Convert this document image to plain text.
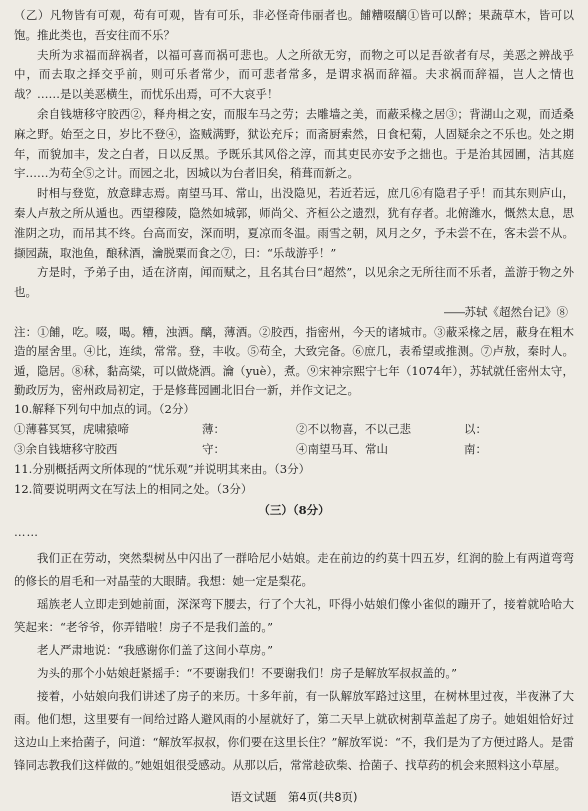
（乙）凡物皆有可观，苟有可观，皆有可乐，非必怪奇伟丽者也。餔糟啜醨①皆可以醉；果蔬草木，皆可以饱。推此类也，吾安往而不乐？

夫所为求福而辞祸者，以福可喜而祸可悲也。人之所欲无穷，而物之可以足吾欲者有尽，美恶之辨战乎中，而去取之择交乎前，则可乐者常少，而可悲者常多，是谓求祸而辞福。夫求祸而辞福，岂人之情也哉？……是以美恶横生，而忧乐出焉，可不大哀乎！

余自钱塘移守胶西②，释舟楫之安，而服车马之劳；去雕墙之美，而蔽采椽之居③；背湖山之观，而适桑麻之野。始至之日，岁比不登④，盗贼满野，狱讼充斥；而斋厨索然，日食杞菊，人固疑余之不乐也。处之期年，而貌加丰，发之白者，日以反黑。予既乐其风俗之淳，而其吏民亦安予之拙也。于是治其园圃，洁其庭宇……为苟全⑤之计。而园之北，因城以为台者旧矣，稍葺而新之。

时相与登览，放意肆志焉。南望马耳、常山，出没隐见，若近若远，庶几⑥有隐君子乎！而其东则庐山，秦人卢敖之所从遁也。西望穆陵，隐然如城郭，师尚父、齐桓公之遗烈，犹有存者。北俯潍水，慨然太息，思淮阴之功，而吊其不终。台高而安，深而明，夏凉而冬温。雨雪之朝，风月之夕，予未尝不在，客未尝不从。撷园蔬，取池鱼，酿秫酒，瀹脱粟而食之⑦，曰：“乐哉游乎！”

方是时，予弟子由，适在济南，闻而赋之，且名其台曰“超然”，以见余之无所往而不乐者，盖游于物之外也。

——苏轼《超然台记》⑧

注：①餔，吃。啜，喝。糟，浊酒。醨，薄酒。②胶西，指密州，今天的诸城市。③蔽采椽之居，蔽身在粗木造的屋舍里。④比，连续，常常。登，丰收。⑤苟全，大致完备。⑥庶几，表希望或推测。⑦卢敖，秦时人。遁，隐居。⑧秫，黏高粱，可以做烧酒。瀹（yuè），煮。⑨宋神宗熙宁七年（1074年），苏轼就任密州太守，勤政厉为，密州政局初定，于是修葺园圃北旧台一新，并作文记之。

10.解释下列句中加点的词。（2分）

①薄暮冥冥，虎啸猿啼	薄：	②不以物喜，不以己悲	以：
③余自钱塘移守胶西	守：	④南望马耳、常山	南：

11.分别概括两文所体现的“忧乐观”并说明其来由。（3分）

12.简要说明两文在写法上的相同之处。（3分）

（三）（8分）

……

我们正在劳动，突然梨树丛中闪出了一群哈尼小姑娘。走在前边的约莫十四五岁，红润的脸上有两道弯弯的修长的眉毛和一对晶莹的大眼睛。我想：她一定是梨花。

瑶族老人立即走到她前面，深深弯下腰去，行了个大礼，吓得小姑娘们像小雀似的蹦开了，接着就哈哈大笑起来：“老爷爷，你弄错啦！房子不是我们盖的。”

老人严肃地说：“我感谢你们盖了这间小草房。”

为头的那个小姑娘赶紧摇手：“不要谢我们！不要谢我们！房子是解放军叔叔盖的。”

接着，小姑娘向我们讲述了房子的来历。十多年前，有一队解放军路过这里，在树林里过夜，半夜淋了大雨。他们想，这里要有一间给过路人避风雨的小屋就好了，第二天早上就砍树割草盖起了房子。她姐姐恰好过这边山上来拾菌子，问道：“解放军叔叔，你们要在这里长住？”解放军说：“不，我们是为了方便过路人。是雷锋同志教我们这样做的。”她姐姐很受感动。从那以后，常常趁砍柴、拾菌子、找草药的机会来照料这小草屋。

语文试题　第4页(共8页)
